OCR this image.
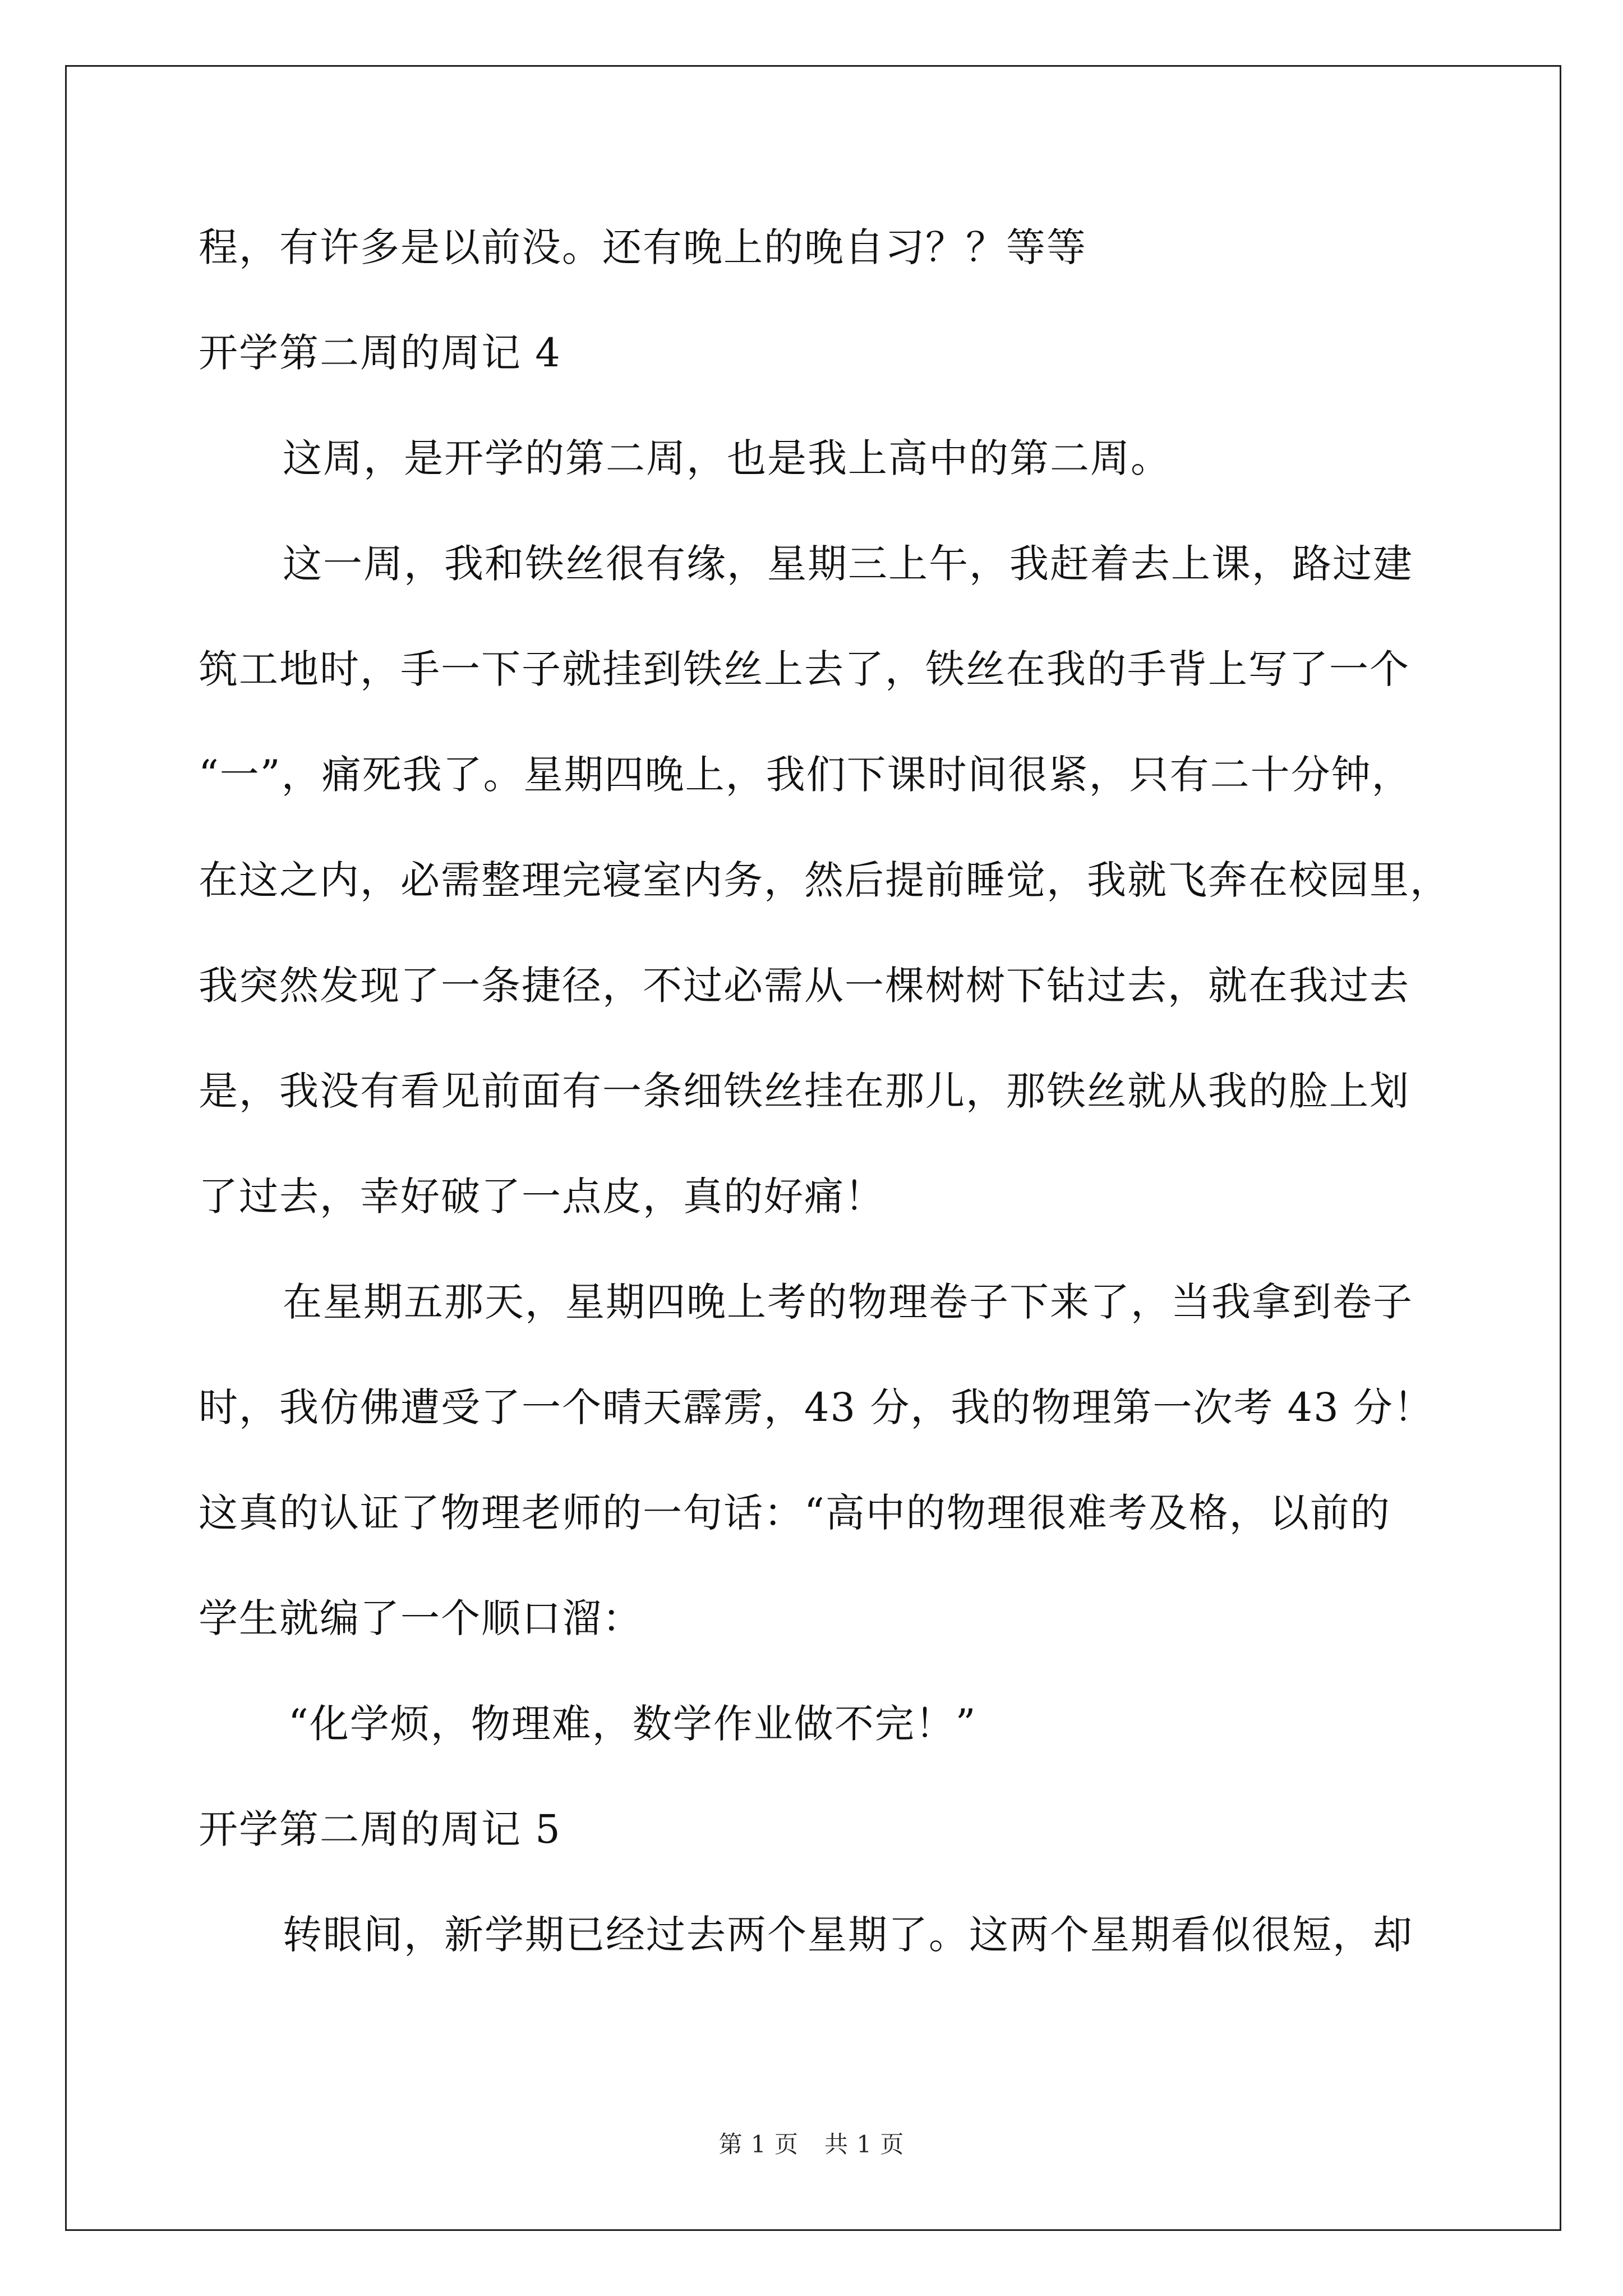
程，有许多是以前没。还有晚上的晚自习？？等等
开学第二周的周记 4
这周，是开学的第二周，也是我上高中的第二周。
这一周，我和铁丝很有缘，星期三上午，我赶着去上课，路过建
筑工地时，手一下子就挂到铁丝上去了，铁丝在我的手背上写了一个
“一”，痛死我了。星期四晚上，我们下课时间很紧，只有二十分钟，
在这之内，必需整理完寝室内务，然后提前睡觉，我就飞奔在校园里，
我突然发现了一条捷径，不过必需从一棵树树下钻过去，就在我过去
是，我没有看见前面有一条细铁丝挂在那儿，那铁丝就从我的脸上划
了过去，幸好破了一点皮，真的好痛！
在星期五那天，星期四晚上考的物理卷子下来了，当我拿到卷子
时，我仿佛遭受了一个晴天霹雳，43 分，我的物理第一次考 43 分！
这真的认证了物理老师的一句话：“高中的物理很难考及格，以前的
学生就编了一个顺口溜：
“化学烦，物理难，数学作业做不完！”
开学第二周的周记 5
转眼间，新学期已经过去两个星期了。这两个星期看似很短，却
第 1 页 共 1 页
